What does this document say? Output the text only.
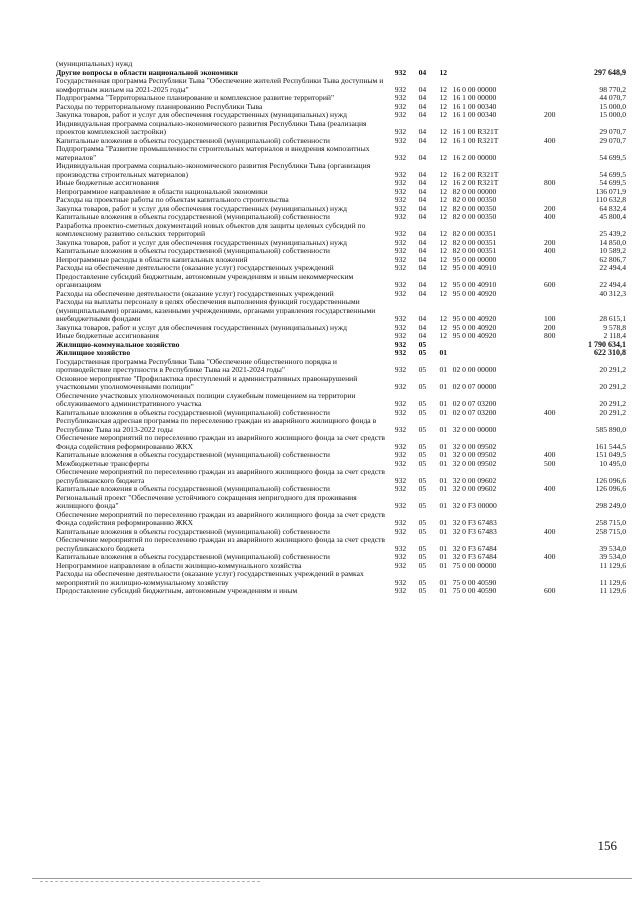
(муниципальных) нужд						
Другие вопросы в области национальной экономики	932	04	12			297 648,9
Государственная программа Республики Тыва "Обеспечение жителей Республики Тыва доступным и комфортным жильем на 2021-2025 годы"	932	04	12	16 0 00 00000		98 770,2
Подпрограмма "Территориальное планирование и комплексное развитие территорий"	932	04	12	16 1 00 00000		44 070,7
Расходы по территориальному планированию Республики Тыва	932	04	12	16 1 00 00340		15 000,0
Закупка товаров, работ и услуг для обеспечения государственных (муниципальных) нужд	932	04	12	16 1 00 00340	200	15 000,0
Индивидуальная программа социально-экономического развития Республики Тыва (реализация проектов комплексной застройки)	932	04	12	16 1 00 R321T		29 070,7
Капитальные вложения в объекты государственной (муниципальной) собственности	932	04	12	16 1 00 R321T	400	29 070,7
Подпрограмма "Развитие промышленности строительных материалов и внедрения композитных материалов"	932	04	12	16 2 00 00000		54 699,5
Индивидуальная программа социально-экономического развития Республики Тыва (организация производства строительных материалов)	932	04	12	16 2 00 R321T		54 699,5
Иные бюджетные ассигнования	932	04	12	16 2 00 R321T	800	54 699,5
Непрограммное направление в области национальной экономики	932	04	12	82 0 00 00000		136 071,9
Расходы на проектные работы по объектам капитального строительства	932	04	12	82 0 00 00350		110 632,8
Закупка товаров, работ и услуг для обеспечения государственных (муниципальных) нужд	932	04	12	82 0 00 00350	200	64 832,4
Капитальные вложения в объекты государственной (муниципальной) собственности	932	04	12	82 0 00 00350	400	45 800,4
Разработка проектно-сметных документаций новых объектов для защиты целевых субсидий по комплексному развитию сельских территорий	932	04	12	82 0 00 00351		25 439,2
Закупка товаров, работ и услуг для обеспечения государственных (муниципальных) нужд	932	04	12	82 0 00 00351	200	14 850,0
Капитальные вложения в объекты государственной (муниципальной) собственности	932	04	12	82 0 00 00351	400	10 589,2
Непрограммные расходы в области капитальных вложений	932	04	12	95 0 00 00000		62 806,7
Расходы на обеспечение деятельности (оказание услуг) государственных учреждений	932	04	12	95 0 00 40910		22 494,4
Предоставление субсидий бюджетным, автономным учреждениям и иным некоммерческим организациям	932	04	12	95 0 00 40910	600	22 494,4
Расходы на обеспечение деятельности (оказание услуг) государственных учреждений	932	04	12	95 0 00 40920		40 312,3
Расходы на выплаты персоналу в целях обеспечения выполнения функций государственными (муниципальными) органами, казенными учреждениями, органами управления государственными внебюджетными фондами	932	04	12	95 0 00 40920	100	28 615,1
Закупка товаров, работ и услуг для обеспечения государственных (муниципальных) нужд	932	04	12	95 0 00 40920	200	9 578,8
Иные бюджетные ассигнования	932	04	12	95 0 00 40920	800	2 118,4
Жилищно-коммунальное хозяйство	932	05				1 790 634,1
Жилищное хозяйство	932	05	01			622 310,8
Государственная программа Республики Тыва "Обеспечение общественного порядка и противодействие преступности в Республике Тыва на 2021-2024 годы"	932	05	01	02 0 00 00000		20 291,2
Основное мероприятие "Профилактика преступлений и административных правонарушений участковыми уполномоченными полиции"	932	05	01	02 0 07 00000		20 291,2
Обеспечение участковых уполномоченных полиции служебным помещением на территории обслуживаемого административного участка	932	05	01	02 0 07 03200		20 291,2
Капитальные вложения в объекты государственной (муниципальной) собственности	932	05	01	02 0 07 03200	400	20 291,2
Республиканская адресная программа по переселению граждан из аварийного жилищного фонда в Республике Тыва на 2013-2022 годы	932	05	01	32 0 00 00000		585 890,0
Обеспечение мероприятий по переселению граждан из аварийного жилищного фонда за счет средств Фонда содействия реформированию ЖКХ	932	05	01	32 0 00 09502		161 544,5
Капитальные вложения в объекты государственной (муниципальной) собственности	932	05	01	32 0 00 09502	400	151 049,5
Межбюджетные трансферты	932	05	01	32 0 00 09502	500	10 495,0
Обеспечение мероприятий по переселению граждан из аварийного жилищного фонда за счет средств республиканского бюджета	932	05	01	32 0 00 09602		126 096,6
Капитальные вложения в объекты государственной (муниципальной) собственности	932	05	01	32 0 00 09602	400	126 096,6
Региональный проект "Обеспечение устойчивого сокращения непригодного для проживания жилищного фонда"	932	05	01	32 0 F3 00000		298 249,0
Обеспечение мероприятий по переселению граждан из аварийного жилищного фонда за счет средств Фонда содействия реформированию ЖКХ	932	05	01	32 0 F3 67483		258 715,0
Капитальные вложения в объекты государственной (муниципальной) собственности	932	05	01	32 0 F3 67483	400	258 715,0
Обеспечение мероприятий по переселению граждан из аварийного жилищного фонда за счет средств республиканского бюджета	932	05	01	32 0 F3 67484		39 534,0
Капитальные вложения в объекты государственной (муниципальной) собственности	932	05	01	32 0 F3 67484	400	39 534,0
Непрограммное направление в области жилищно-коммунального хозяйства	932	05	01	75 0 00 00000		11 129,6
Расходы на обеспечение деятельности (оказание услуг) государственных учреждений в рамках мероприятий по жилищно-коммунальному хозяйству	932	05	01	75 0 00 40590		11 129,6
Предоставление субсидий бюджетным, автономным учреждениям и иным	932	05	01	75 0 00 40590	600	11 129,6
156
